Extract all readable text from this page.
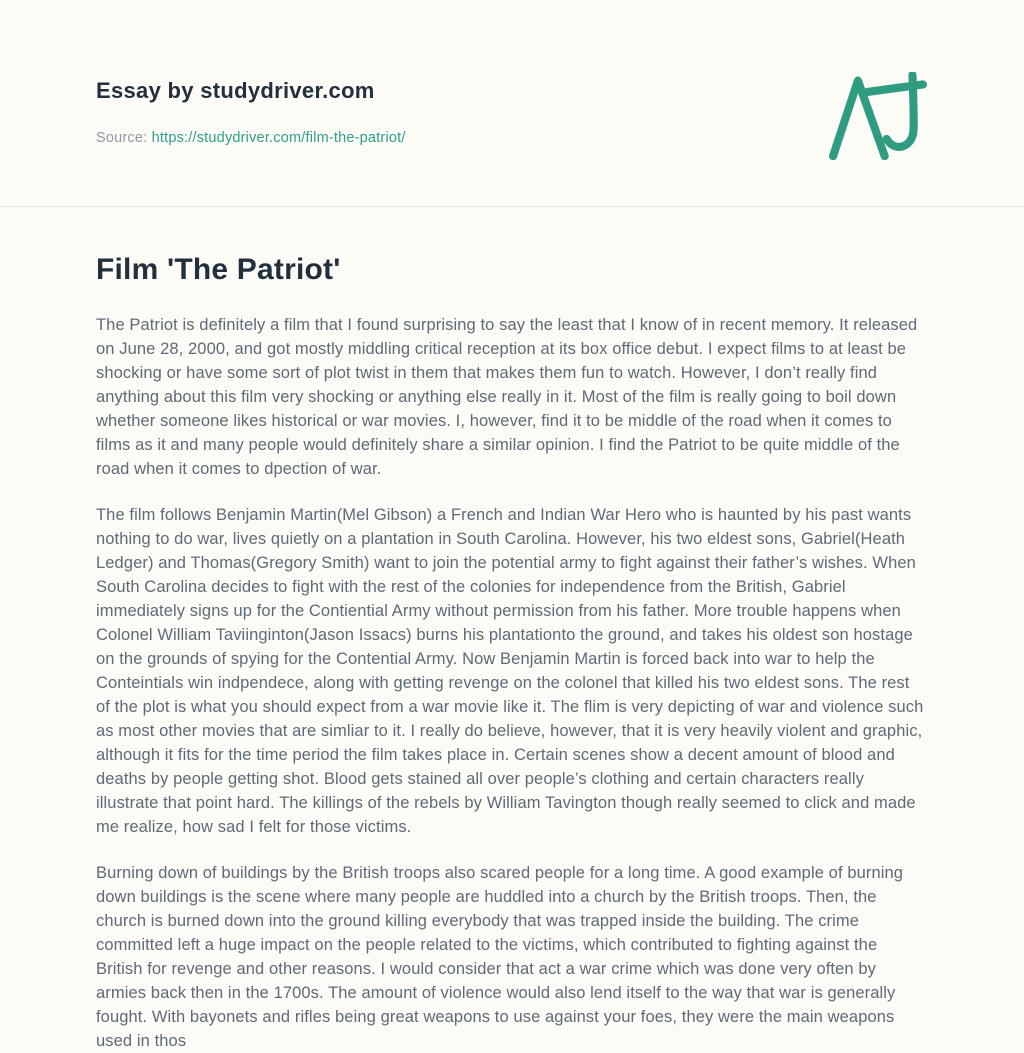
Essay by studydriver.com
Source: https://studydriver.com/film-the-patriot/
Film 'The Patriot'

The Patriot is definitely a film that I found surprising to say the least that I know of in recent memory. It released on June 28, 2000, and got mostly middling critical reception at its box office debut. I expect films to at least be shocking or have some sort of plot twist in them that makes them fun to watch. However, I don’t really find anything about this film very shocking or anything else really in it. Most of the film is really going to boil down whether someone likes historical or war movies. I, however, find it to be middle of the road when it comes to films as it and many people would definitely share a similar opinion. I find the Patriot to be quite middle of the road when it comes to dpection of war.

The film follows Benjamin Martin(Mel Gibson) a French and Indian War Hero who is haunted by his past wants nothing to do war, lives quietly on a plantation in South Carolina. However, his two eldest sons, Gabriel(Heath Ledger) and Thomas(Gregory Smith) want to join the potential army to fight against their father’s wishes. When South Carolina decides to fight with the rest of the colonies for independence from the British, Gabriel immediately signs up for the Contiential Army without permission from his father. More trouble happens when Colonel William Taviinginton(Jason Issacs) burns his plantationto the ground, and takes his oldest son hostage on the grounds of spying for the Contential Army. Now Benjamin Martin is forced back into war to help the Conteintials win indpendece, along with getting revenge on the colonel that killed his two eldest sons. The rest of the plot is what you should expect from a war movie like it. The flim is very depicting of war and violence such as most other movies that are simliar to it. I really do believe, however, that it is very heavily violent and graphic, although it fits for the time period the film takes place in. Certain scenes show a decent amount of blood and deaths by people getting shot. Blood gets stained all over people’s clothing and certain characters really illustrate that point hard. The killings of the rebels by William Tavington though really seemed to click and made me realize, how sad I felt for those victims.

Burning down of buildings by the British troops also scared people for a long time. A good example of burning down buildings is the scene where many people are huddled into a church by the British troops. Then, the church is burned down into the ground killing everybody that was trapped inside the building. The crime committed left a huge impact on the people related to the victims, which contributed to fighting against the British for revenge and other reasons. I would consider that act a war crime which was done very often by armies back then in the 1700s. The amount of violence would also lend itself to the way that war is generally fought. With bayonets and rifles being great weapons to use against your foes, they were the main weapons used in thos
